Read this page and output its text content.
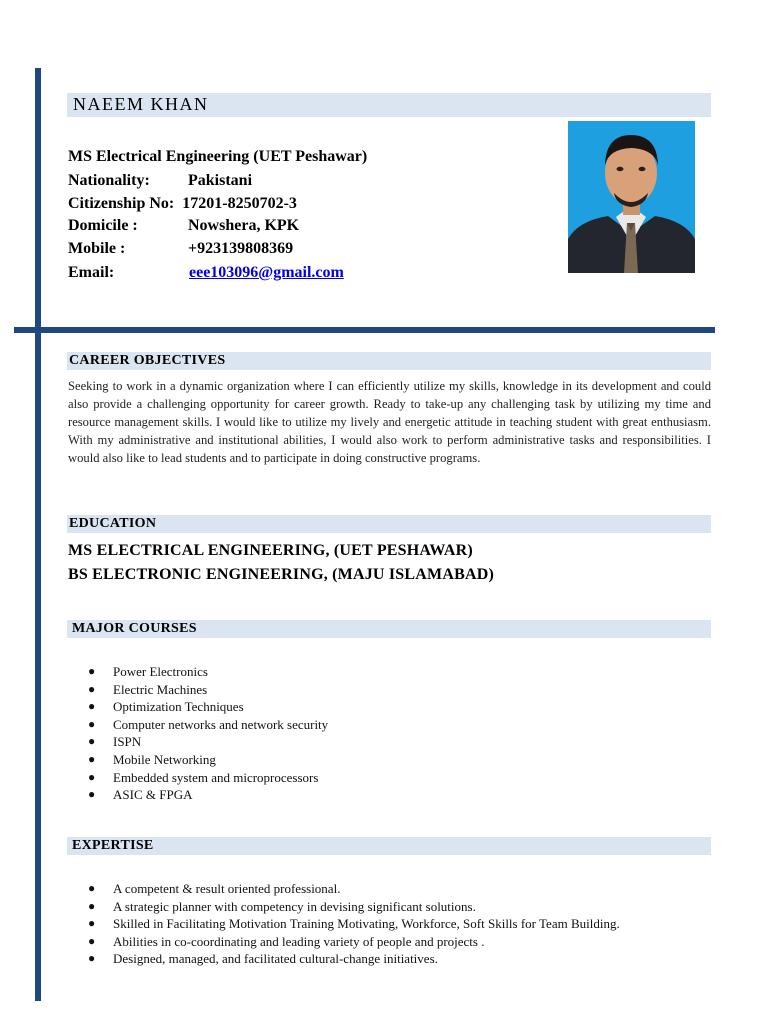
NAEEM KHAN
MS Electrical Engineering (UET Peshawar)
Nationality: Pakistani
Citizenship No: 17201-8250702-3
Domicile :	Nowshera, KPK
Mobile :	+923139808369
Email:	eee103096@gmail.com
CAREER OBJECTIVES
Seeking to work in a dynamic organization where I can efficiently utilize my skills, knowledge in its development and could also provide a challenging opportunity for career growth. Ready to take-up any challenging task by utilizing my time and resource management skills. I would like to utilize my lively and energetic attitude in teaching student with great enthusiasm. With my administrative and institutional abilities, I would also work to perform administrative tasks and responsibilities. I would also like to lead students and to participate in doing constructive programs.
EDUCATION
MS ELECTRICAL ENGINEERING, (UET PESHAWAR)
BS ELECTRONIC ENGINEERING, (MAJU ISLAMABAD)
MAJOR COURSES
● Power Electronics
● Electric Machines
● Optimization Techniques
● Computer networks and network security
● ISPN
● Mobile Networking
● Embedded system and microprocessors
● ASIC & FPGA
EXPERTISE
● A competent & result oriented professional.
● A strategic planner with competency in devising significant solutions.
● Skilled in Facilitating Motivation Training Motivating, Workforce, Soft Skills for Team Building.
● Abilities in co-coordinating and leading variety of people and projects .
● Designed, managed, and facilitated cultural-change initiatives.
